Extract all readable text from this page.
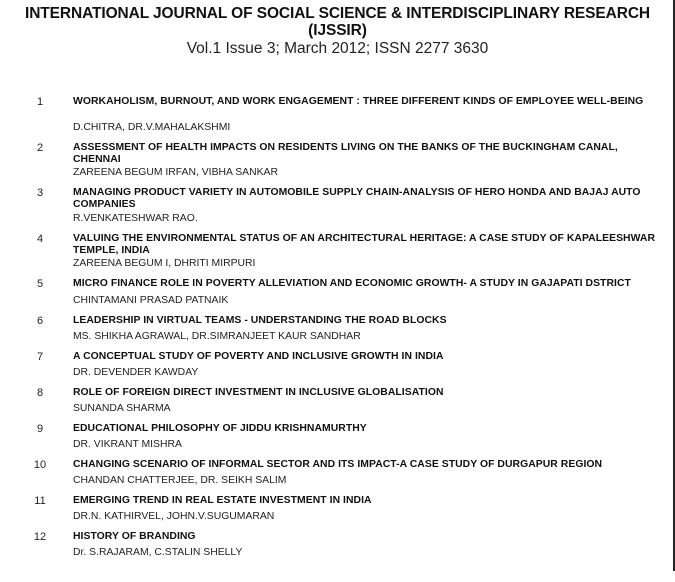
INTERNATIONAL JOURNAL OF SOCIAL SCIENCE & INTERDISCIPLINARY RESEARCH (IJSSIR)
Vol.1 Issue 3; March 2012; ISSN 2277 3630
1	WORKAHOLISM, BURNOUT, AND WORK ENGAGEMENT : THREE DIFFERENT KINDS OF EMPLOYEE WELL-BEING
D.CHITRA, DR.V.MAHALAKSHMI
2	ASSESSMENT OF HEALTH IMPACTS ON RESIDENTS LIVING ON THE BANKS OF THE BUCKINGHAM CANAL, CHENNAI
ZAREENA BEGUM IRFAN, VIBHA SANKAR
3	MANAGING PRODUCT VARIETY IN AUTOMOBILE SUPPLY CHAIN-ANALYSIS OF HERO HONDA AND BAJAJ AUTO COMPANIES
R.VENKATESHWAR RAO.
4	VALUING THE ENVIRONMENTAL STATUS OF AN ARCHITECTURAL HERITAGE: A CASE STUDY OF KAPALEESHWAR TEMPLE, INDIA
ZAREENA BEGUM I, DHRITI MIRPURI
5	MICRO FINANCE ROLE IN POVERTY ALLEVIATION AND ECONOMIC GROWTH- A STUDY IN GAJAPATI DSTRICT
CHINTAMANI PRASAD PATNAIK
6	LEADERSHIP IN VIRTUAL TEAMS - UNDERSTANDING THE ROAD BLOCKS
MS. SHIKHA AGRAWAL, DR.SIMRANJEET KAUR SANDHAR
7	A CONCEPTUAL STUDY OF POVERTY AND INCLUSIVE GROWTH IN INDIA
DR. DEVENDER KAWDAY
8	ROLE OF FOREIGN DIRECT INVESTMENT IN INCLUSIVE GLOBALISATION
SUNANDA SHARMA
9	EDUCATIONAL PHILOSOPHY OF JIDDU KRISHNAMURTHY
DR. VIKRANT MISHRA
10	CHANGING SCENARIO OF INFORMAL SECTOR AND ITS IMPACT-A CASE STUDY OF DURGAPUR REGION
CHANDAN CHATTERJEE, DR. SEIKH SALIM
11	EMERGING TREND IN REAL ESTATE INVESTMENT IN INDIA
DR.N. KATHIRVEL, JOHN.V.SUGUMARAN
12	HISTORY OF BRANDING
Dr. S.RAJARAM, C.STALIN SHELLY
